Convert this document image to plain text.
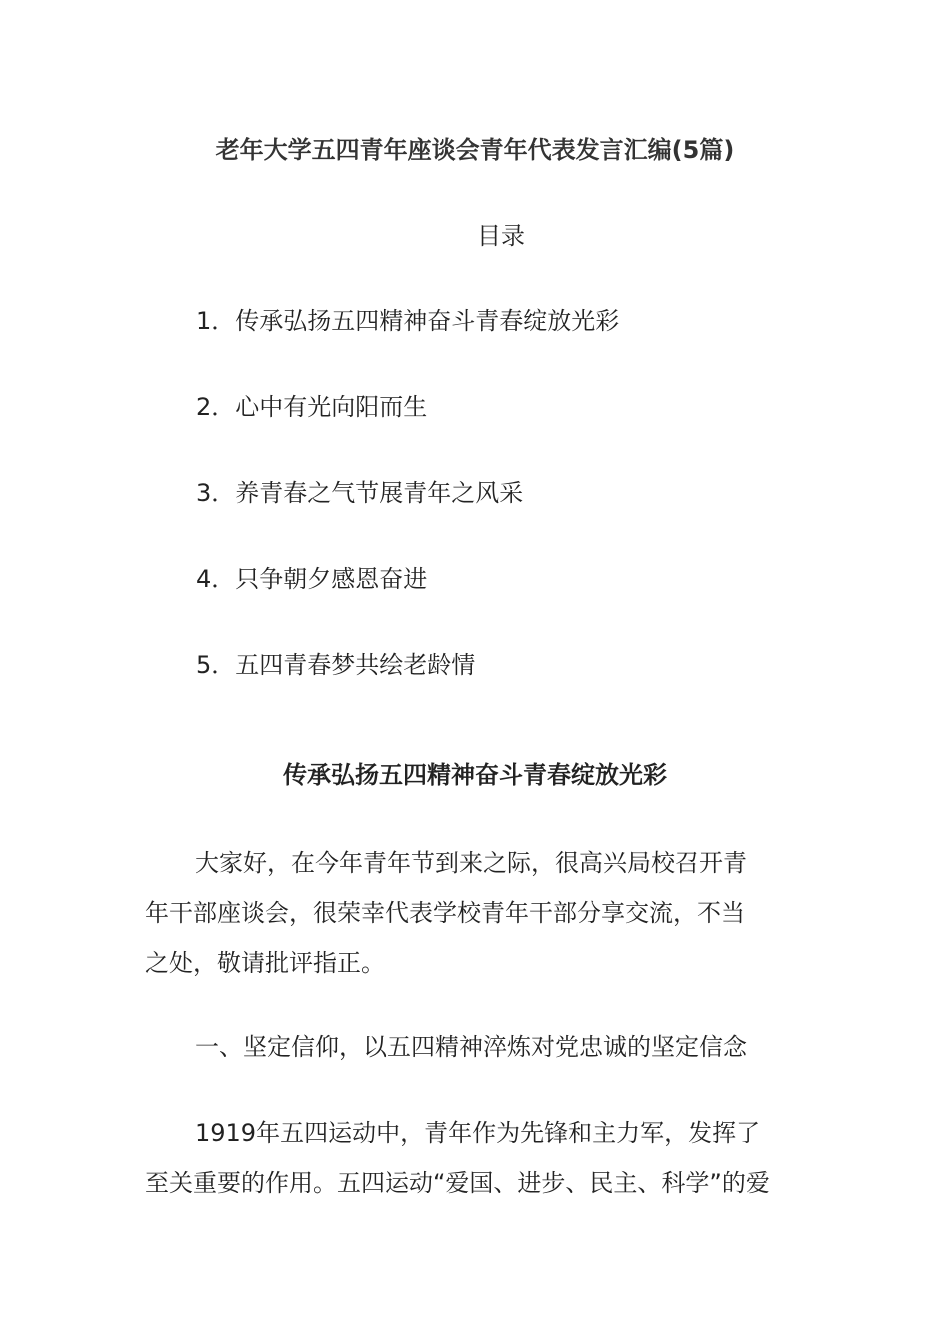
老年大学五四青年座谈会青年代表发言汇编(5篇)
目录
1．传承弘扬五四精神奋斗青春绽放光彩
2．心中有光向阳而生
3．养青春之气节展青年之风采
4．只争朝夕感恩奋进
5．五四青春梦共绘老龄情
传承弘扬五四精神奋斗青春绽放光彩

大家好，在今年青年节到来之际，很高兴局校召开青
年干部座谈会，很荣幸代表学校青年干部分享交流，不当
之处，敬请批评指正。

一、坚定信仰，以五四精神淬炼对党忠诚的坚定信念

1919年五四运动中，青年作为先锋和主力军，发挥了
至关重要的作用。五四运动“爱国、进步、民主、科学”的爱
